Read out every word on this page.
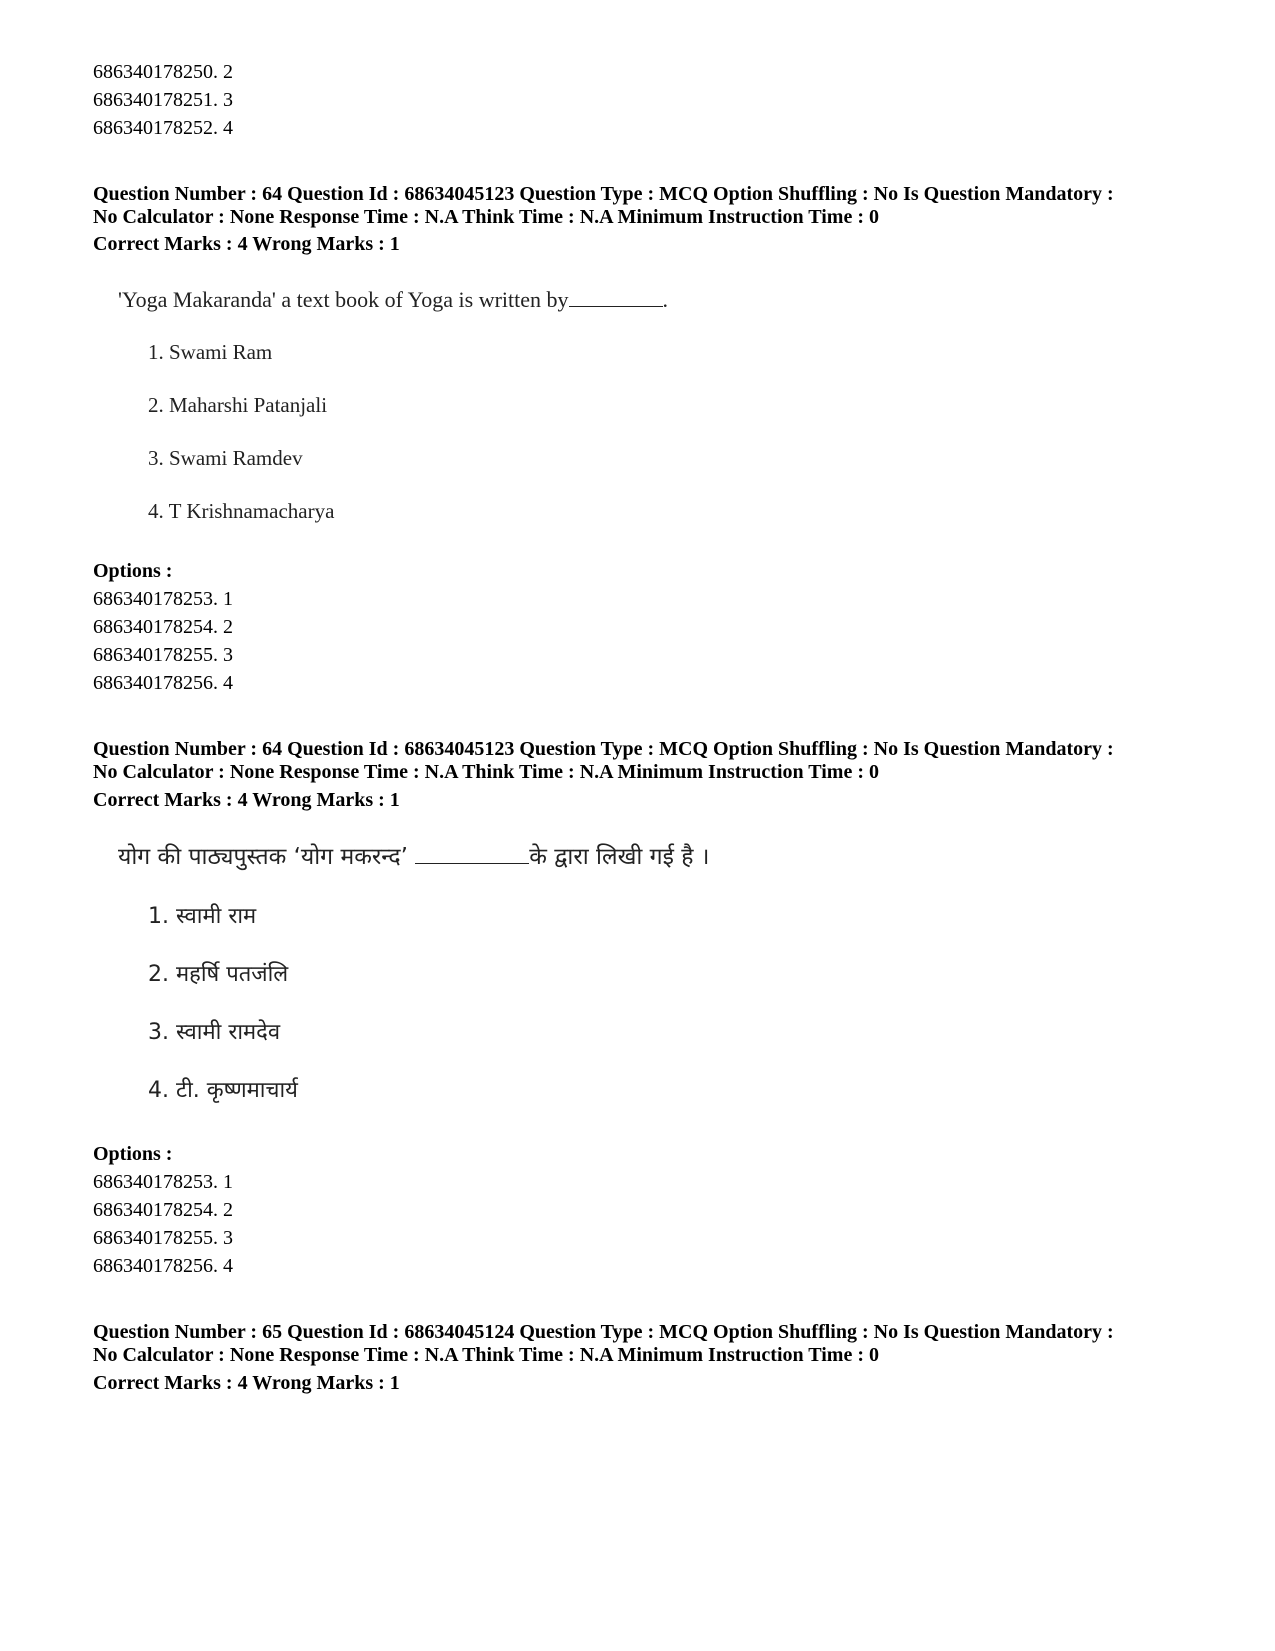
686340178250. 2
686340178251. 3
686340178252. 4
Question Number : 64 Question Id : 68634045123 Question Type : MCQ Option Shuffling : No Is Question Mandatory :
No Calculator : None Response Time : N.A Think Time : N.A Minimum Instruction Time : 0
Correct Marks : 4 Wrong Marks : 1
'Yoga Makaranda' a text book of Yoga is written by	.
1. Swami Ram
2. Maharshi Patanjali
3. Swami Ramdev
4. T Krishnamacharya
Options :
686340178253. 1
686340178254. 2
686340178255. 3
686340178256. 4
Question Number : 64 Question Id : 68634045123 Question Type : MCQ Option Shuffling : No Is Question Mandatory :
No Calculator : None Response Time : N.A Think Time : N.A Minimum Instruction Time : 0
Correct Marks : 4 Wrong Marks : 1
योग की पाठ्यपुस्तक ‘योग मकरन्द’	के द्वारा लिखी गई है ।
1. स्वामी राम
2. महर्षि पतजंलि
3. स्वामी रामदेव
4. टी. कृष्णमाचार्य
Options :
686340178253. 1
686340178254. 2
686340178255. 3
686340178256. 4
Question Number : 65 Question Id : 68634045124 Question Type : MCQ Option Shuffling : No Is Question Mandatory :
No Calculator : None Response Time : N.A Think Time : N.A Minimum Instruction Time : 0
Correct Marks : 4 Wrong Marks : 1
